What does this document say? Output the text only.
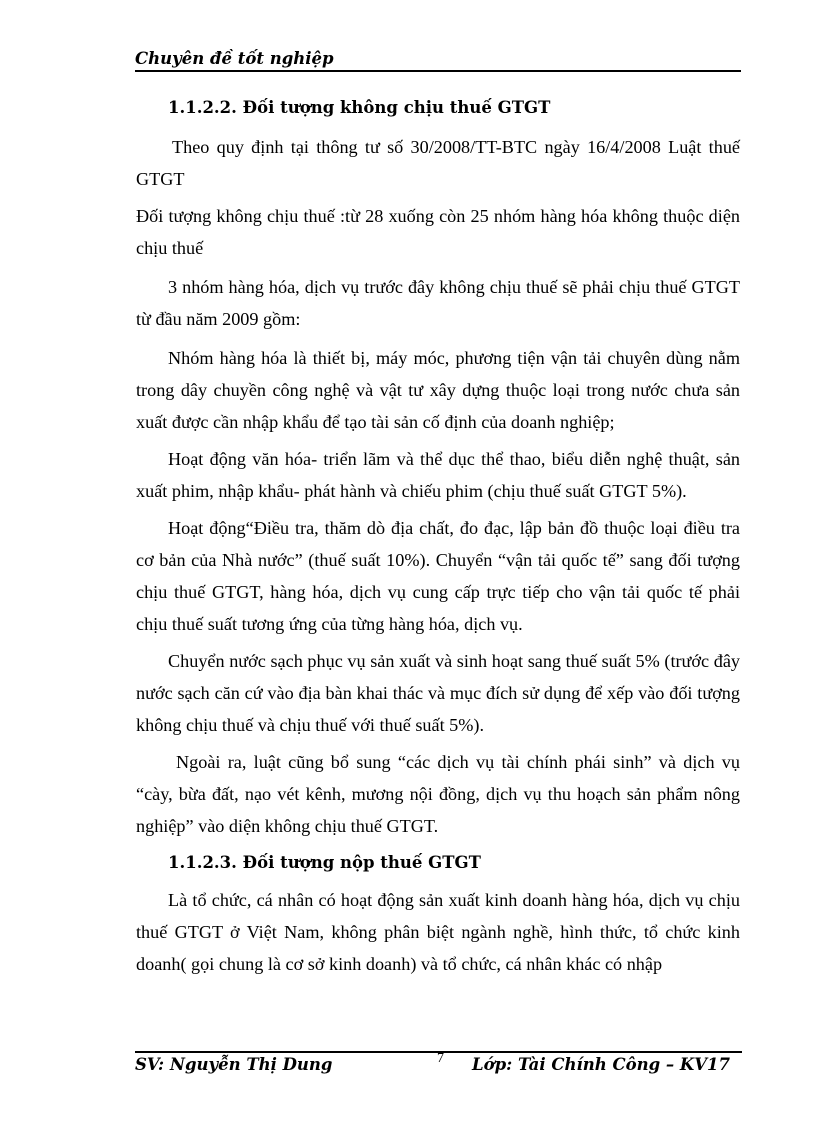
Chuyên đề tốt nghiệp

1.1.2.2. Đối tượng không chịu thuế GTGT

Theo quy định tại thông tư số 30/2008/TT-BTC ngày 16/4/2008 Luật thuế GTGT

Đối tượng không chịu thuế :từ 28 xuống còn 25 nhóm hàng hóa không thuộc diện chịu thuế

3 nhóm hàng hóa, dịch vụ trước đây không chịu thuế sẽ phải chịu thuế GTGT từ đầu năm 2009 gồm:

Nhóm hàng hóa là thiết bị, máy móc, phương tiện vận tải chuyên dùng nằm trong dây chuyền công nghệ và vật tư xây dựng thuộc loại trong nước chưa sản xuất được cần nhập khẩu để tạo tài sản cố định của doanh nghiệp;

Hoạt động văn hóa- triển lãm và thể dục thể thao, biểu diễn nghệ thuật, sản xuất phim, nhập khẩu- phát hành và chiếu phim (chịu thuế suất GTGT 5%).

Hoạt động“Điều tra, thăm dò địa chất, đo đạc, lập bản đồ thuộc loại điều tra cơ bản của Nhà nước” (thuế suất 10%). Chuyển “vận tải quốc tế” sang đối tượng chịu thuế GTGT, hàng hóa, dịch vụ cung cấp trực tiếp cho vận tải quốc tế phải chịu thuế suất tương ứng của từng hàng hóa, dịch vụ.

Chuyển nước sạch phục vụ sản xuất và sinh hoạt sang thuế suất 5% (trước đây nước sạch căn cứ vào địa bàn khai thác và mục đích sử dụng để xếp vào đối tượng không chịu thuế và chịu thuế với thuế suất 5%).

Ngoài ra, luật cũng bổ sung “các dịch vụ tài chính phái sinh” và dịch vụ “cày, bừa đất, nạo vét kênh, mương nội đồng, dịch vụ thu hoạch sản phẩm nông nghiệp” vào diện không chịu thuế GTGT.

1.1.2.3. Đối tượng nộp thuế GTGT

Là tổ chức, cá nhân có hoạt động sản xuất kinh doanh hàng hóa, dịch vụ chịu thuế GTGT ở Việt Nam, không phân biệt ngành nghề, hình thức, tổ chức kinh doanh( gọi chung là cơ sở kinh doanh) và tổ chức, cá nhân khác có nhập

SV: Nguyễn Thị Dung	7 Lớp: Tài Chính Công – KV17
